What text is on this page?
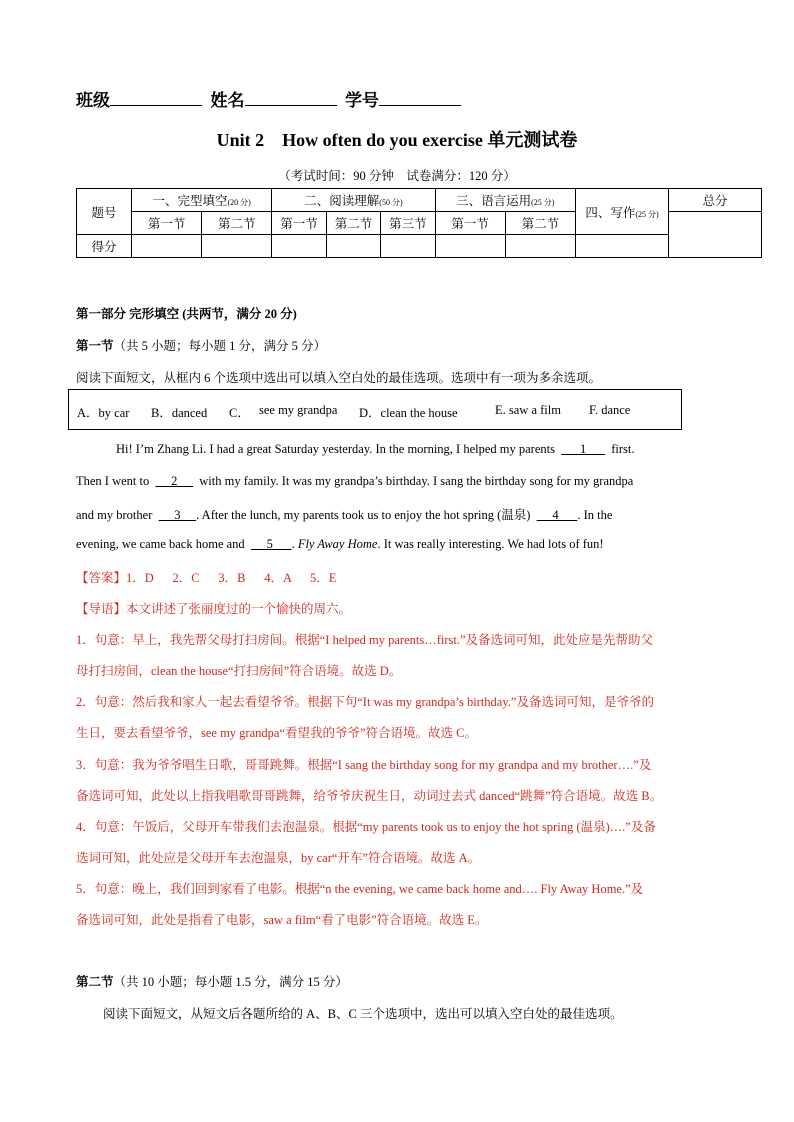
班级	姓名	学号
Unit 2    How often do you exercise 单元测试卷
（考试时间：90 分钟    试卷满分：120 分）
题号	一、完型填空(20 分)		二、阅读理解(50 分)			三、语言运用(25 分)		四、写作(25 分)	总分
	第一节	第二节	第一节	第二节	第三节	第一节	第二节		
得分									
第一部分 完形填空 (共两节，满分 20 分)
第一节（共 5 小题；每小题 1 分，满分 5 分）
阅读下面短文，从框内 6 个选项中选出可以填入空白处的最佳选项。选项中有一项为多余选项。
A．by car B．danced C． see my grandpa D．clean the house	E. saw a film F. dance
Hi! I’m Zhang Li. I had a great Saturday yesterday. In the morning, I helped my parents        1        first.
Then I went to       2       with my family. It was my grandpa’s birthday. I sang the birthday song for my grandpa
and my brother       3     . After the lunch, my parents took us to enjoy the hot spring (温泉)       4      . In the
evening, we came back home and       5      . Fly Away Home. It was really interesting. We had lots of fun!
【答案】1．D      2．C      3．B      4．A      5．E
【导语】本文讲述了张丽度过的一个愉快的周六。
1．句意：早上，我先帮父母打扫房间。根据“I helped my parents…first.”及备选词可知，此处应是先帮助父
母打扫房间，clean the house“打扫房间”符合语境。故选 D。
2．句意：然后我和家人一起去看望爷爷。根据下句“It was my grandpa’s birthday.”及备选词可知，是爷爷的
生日，要去看望爷爷，see my grandpa“看望我的爷爷”符合语境。故选 C。
3．句意：我为爷爷唱生日歌，哥哥跳舞。根据“I sang the birthday song for my grandpa and my brother….”及
备选词可知，此处以上指我唱歌哥哥跳舞，给爷爷庆祝生日，动词过去式 danced“跳舞”符合语境。故选 B。
4．句意：午饭后，父母开车带我们去泡温泉。根据“my parents took us to enjoy the hot spring (温泉)….”及备
选词可知，此处应是父母开车去泡温泉，by car“开车”符合语境。故选 A。
5．句意：晚上，我们回到家看了电影。根据“n the evening, we came back home and…. Fly Away Home.”及
备选词可知，此处是指看了电影，saw a film“看了电影”符合语境。故选 E。
第二节（共 10 小题；每小题 1.5 分，满分 15 分）
阅读下面短文，从短文后各题所给的 A、B、C 三个选项中，选出可以填入空白处的最佳选项。
